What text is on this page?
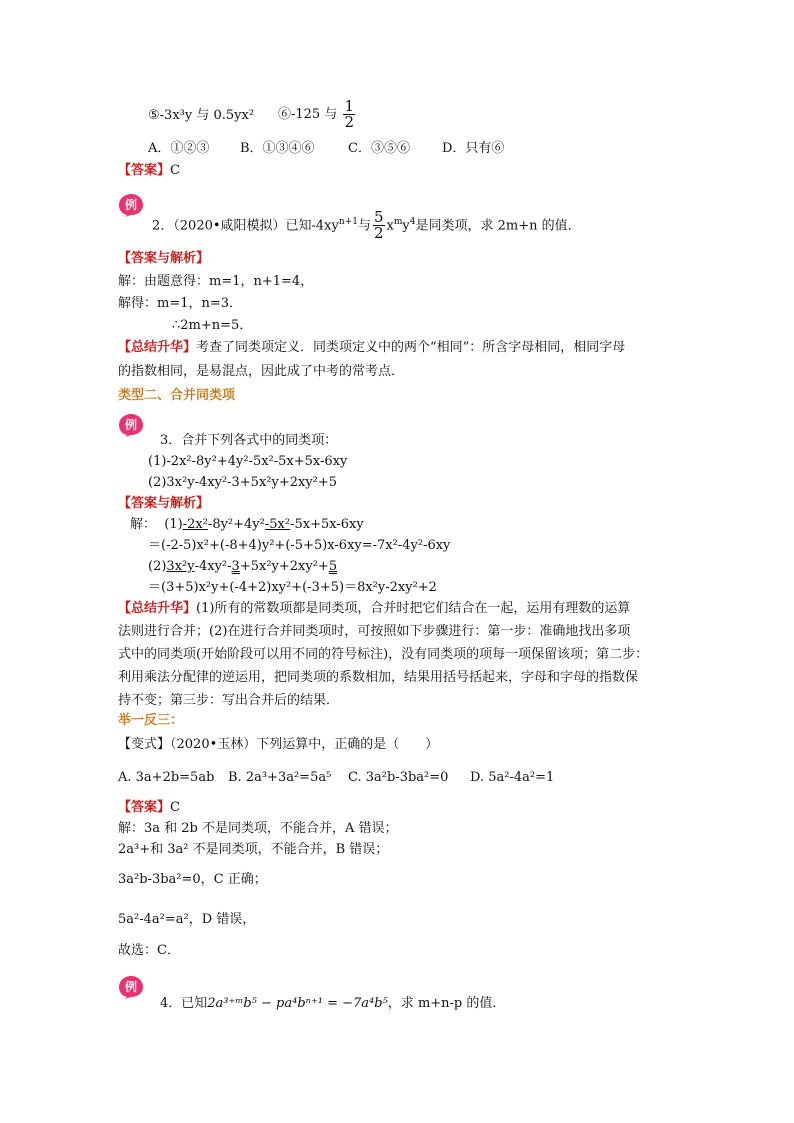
⑤-3x³y 与 0.5yx² ⑥-125 与 $\frac{1}{2}$
A．①②③ B．①③④⑥	C．③⑤⑥ D．只有⑥
【答案】C
例
2．（2020•咸阳模拟）已知$-4xy^{n+1}$与 $\frac{5}{2} x^my^4$是同类项，求 2m+n 的值．
【答案与解析】
解：由题意得：m=1，n+1=4，
解得：m=1，n=3．
∴2m+n=5．
【总结升华】考查了同类项定义．同类项定义中的两个“相同”：所含字母相同，相同字母
的指数相同，是易混点，因此成了中考的常考点．
类型二、合并同类项
例
3．合并下列各式中的同类项：
(1)-2x²-8y²+4y²-5x²-5x+5x-6xy
(2)3x²y-4xy²-3+5x²y+2xy²+5
【答案与解析】
解： (1)-2x²-8y²+4y²-5x²-5x+5x-6xy
＝(-2-5)x²+(-8+4)y²+(-5+5)x-6xy=-7x²-4y²-6xy
(2)3x²y-4xy²-3+5x²y+2xy²+5
＝(3+5)x²y+(-4+2)xy²+(-3+5)＝8x²y-2xy²+2
【总结升华】(1)所有的常数项都是同类项，合并时把它们结合在一起，运用有理数的运算
法则进行合并；(2)在进行合并同类项时，可按照如下步骤进行：第一步：准确地找出多项
式中的同类项(开始阶段可以用不同的符号标注)，没有同类项的项每一项保留该项；第二步：
利用乘法分配律的逆运用，把同类项的系数相加，结果用括号括起来，字母和字母的指数保
持不变；第三步：写出合并后的结果．
举一反三：
【变式】（2020•玉林）下列运算中，正确的是（　　）
A. 3a+2b=5ab B. 2a³+3a²=5a⁵ C. 3a²b-3ba²=0 D. 5a²-4a²=1
【答案】C
解：3a 和 2b 不是同类项，不能合并，A 错误；
2a³+和 3a² 不是同类项，不能合并，B 错误；
3a²b-3ba²=0，C 正确；
5a²-4a²=a²，D 错误，
故选：C．
例
4．已知2a³⁺ᵐb⁵ − pa⁴bⁿ⁺¹ = −7a⁴b⁵，求 m+n-p 的值．
